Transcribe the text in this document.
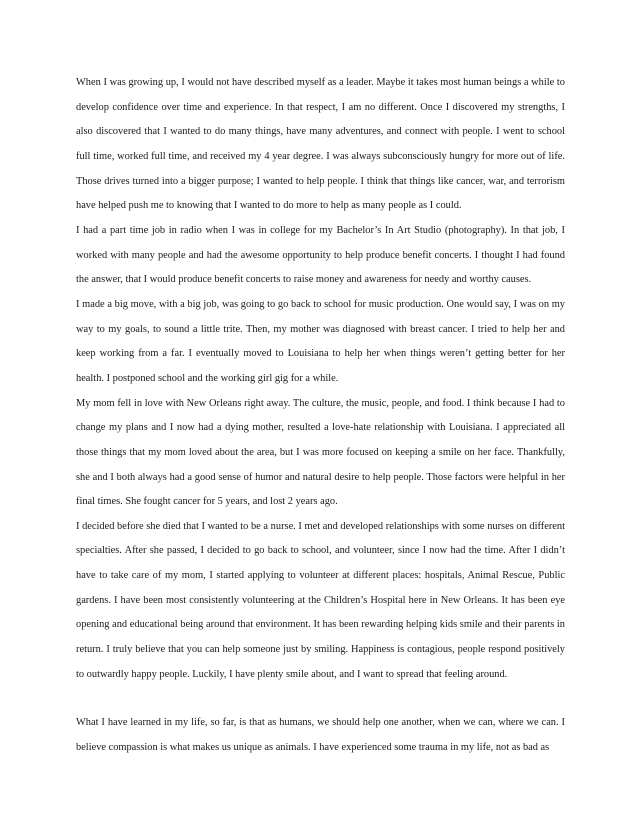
When I was growing up, I would not have described myself as a leader. Maybe it takes most human beings a while to develop confidence over time and experience. In that respect, I am no different. Once I discovered my strengths, I also discovered that I wanted to do many things, have many adventures, and connect with people. I went to school full time, worked full time, and received my 4 year degree. I was always subconsciously hungry for more out of life. Those drives turned into a bigger purpose; I wanted to help people. I think that things like cancer, war, and terrorism have helped push me to knowing that I wanted to do more to help as many people as I could.

I had a part time job in radio when I was in college for my Bachelor’s In Art Studio (photography). In that job, I worked with many people and had the awesome opportunity to help produce benefit concerts. I thought I had found the answer, that I would produce benefit concerts to raise money and awareness for needy and worthy causes.

I made a big move, with a big job, was going to go back to school for music production. One would say, I was on my way to my goals, to sound a little trite. Then, my mother was diagnosed with breast cancer. I tried to help her and keep working from a far. I eventually moved to Louisiana to help her when things weren’t getting better for her health. I postponed school and the working girl gig for a while.

My mom fell in love with New Orleans right away. The culture, the music, people, and food. I think because I had to change my plans and I now had a dying mother, resulted a love-hate relationship with Louisiana. I appreciated all those things that my mom loved about the area, but I was more focused on keeping a smile on her face. Thankfully, she and I both always had a good sense of humor and natural desire to help people. Those factors were helpful in her final times. She fought cancer for 5 years, and lost 2 years ago.

I decided before she died that I wanted to be a nurse. I met and developed relationships with some nurses on different specialties. After she passed, I decided to go back to school, and volunteer, since I now had the time. After I didn’t have to take care of my mom, I started applying to volunteer at different places: hospitals, Animal Rescue, Public gardens. I have been most consistently volunteering at the Children’s Hospital here in New Orleans. It has been eye opening and educational being around that environment. It has been rewarding helping kids smile and their parents in return. I truly believe that you can help someone just by smiling. Happiness is contagious, people respond positively to outwardly happy people. Luckily, I have plenty smile about, and I want to spread that feeling around.

What I have learned in my life, so far, is that as humans, we should help one another, when we can, where we can. I believe compassion is what makes us unique as animals. I have experienced some trauma in my life, not as bad as
